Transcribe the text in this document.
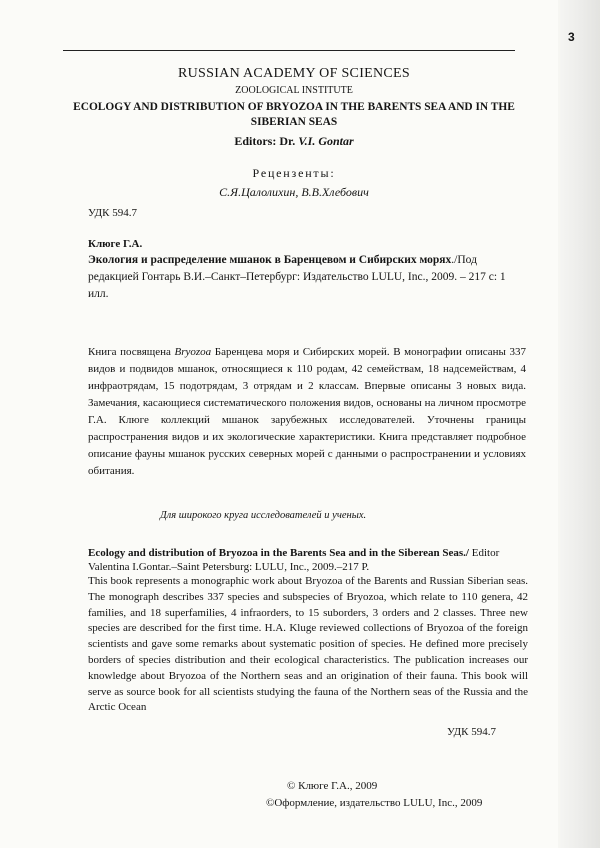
3
RUSSIAN ACADEMY OF SCIENCES
ZOOLOGICAL INSTITUTE
ECOLOGY AND DISTRIBUTION OF BRYOZOA IN THE BARENTS SEA AND IN THE
SIBERIAN SEAS
Editors: Dr. V.I. Gontar
Рецензенты:
С.Я.Цалолихин, В.В.Хлебович
УДК 594.7
Клюге Г.А.
Экология и распределение мшанок в Баренцевом и Сибирских морях./Под редакцией Гонтарь В.И.–Санкт–Петербург: Издательство LULU, Inc., 2009. – 217 с: 1 илл.
Книга посвящена Bryozoa Баренцева моря и Сибирских морей. В монографии описаны 337 видов и подвидов мшанок, относящиеся к 110 родам, 42 семействам, 18 надсемействам, 4 инфраотрядам, 15 подотрядам, 3 отрядам и 2 классам. Впервые описаны 3 новых вида. Замечания, касающиеся систематического положения видов, основаны на личном просмотре Г.А. Клюге коллекций мшанок зарубежных исследователей. Уточнены границы распространения видов и их экологические характеристики. Книга представляет подробное описание фауны мшанок русских северных морей с данными о распространении и условиях обитания.
Для широкого круга исследователей и ученых.
Ecology and distribution of Bryozoa in the Barents Sea and in the Siberean Seas./ Editor Valentina I.Gontar.–Saint Petersburg: LULU, Inc., 2009.–217 P.
This book represents a monographic work about Bryozoa of the Barents and Russian Siberian seas. The monograph describes 337 species and subspecies of Bryozoa, which relate to 110 genera, 42 families, and 18 superfamilies, 4 infraorders, to 15 suborders, 3 orders and 2 classes. Three new species are described for the first time. H.A. Kluge reviewed collections of Bryozoa of the foreign scientists and gave some remarks about systematic position of species. He defined more precisely borders of species distribution and their ecological characteristics. The publication increases our knowledge about Bryozoa of the Northern seas and an origination of their fauna. This book will serve as source book for all scientists studying the fauna of the Northern seas of the Russia and the Arctic Ocean
УДК 594.7
© Клюге Г.А., 2009
©Оформление, издательство LULU, Inc., 2009
